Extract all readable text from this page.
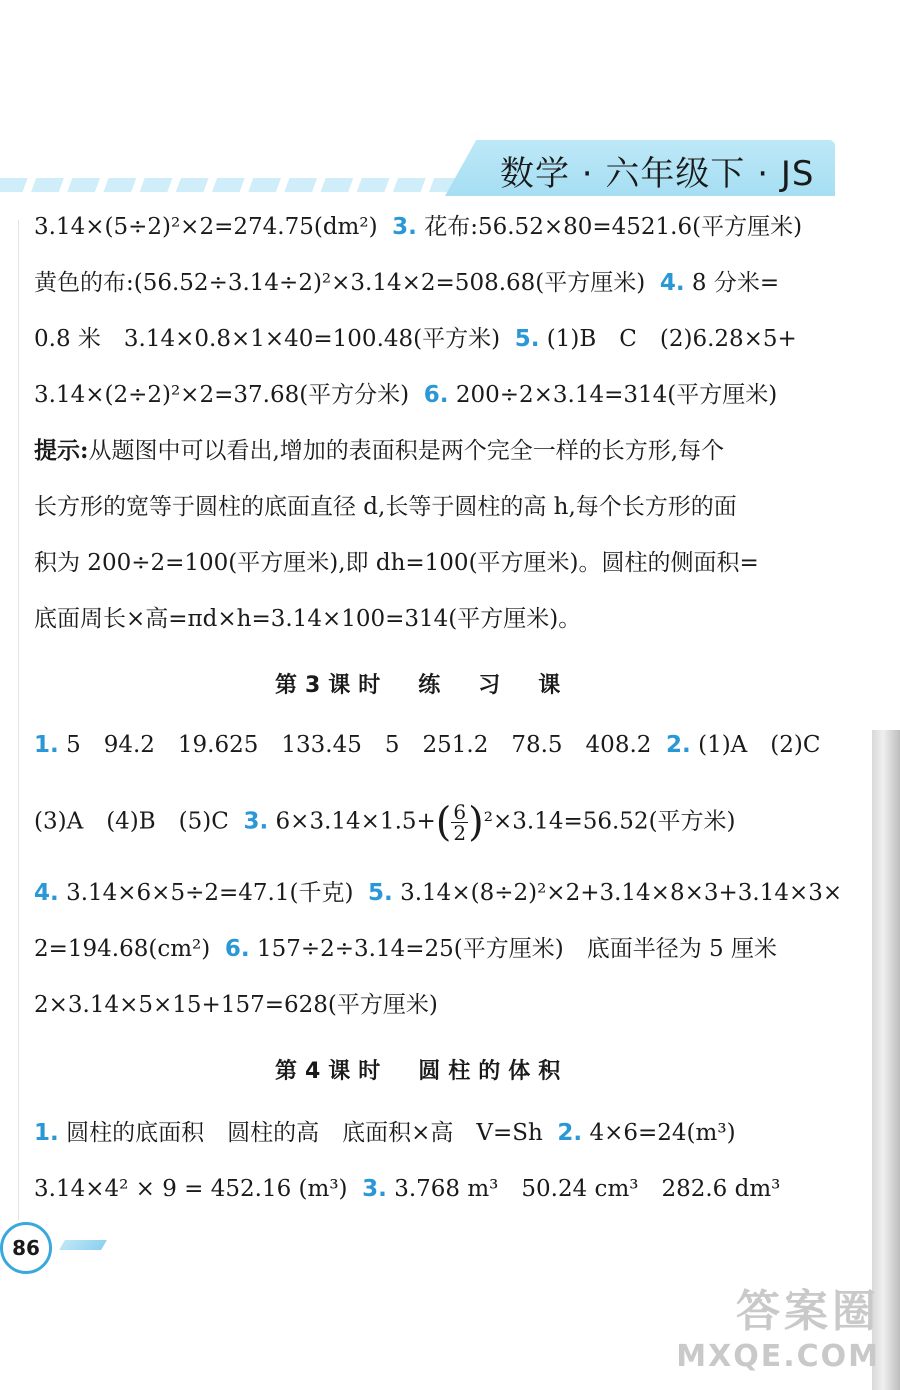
数学 · 六年级下 · JS
3.14×(5÷2)²×2=274.75(dm²) 3. 花布:56.52×80=4521.6(平方厘米)
黄色的布:(56.52÷3.14÷2)²×3.14×2=508.68(平方厘米) 4. 8 分米=
0.8 米　3.14×0.8×1×40=100.48(平方米) 5. (1)B　C　(2)6.28×5+
3.14×(2÷2)²×2=37.68(平方分米) 6. 200÷2×3.14=314(平方厘米)
提示:从题图中可以看出,增加的表面积是两个完全一样的长方形,每个
长方形的宽等于圆柱的底面直径 d,长等于圆柱的高 h,每个长方形的面
积为 200÷2=100(平方厘米),即 dh=100(平方厘米)。圆柱的侧面积=
底面周长×高=πd×h=3.14×100=314(平方厘米)。
第3课时　练　习　课
1. 5　94.2　19.625　133.45　5　251.2　78.5　408.2 2. (1)A　(2)C
(3)A　(4)B　(5)C 3. $6\times 3.14\times 1.5+( \frac{6}{2} )^2\times 3.14=56.52$(平方米)
4. 3.14×6×5÷2=47.1(千克) 5. 3.14×(8÷2)²×2+3.14×8×3+3.14×3×
2=194.68(cm²) 6. 157÷2÷3.14=25(平方厘米)　底面半径为 5 厘米
2×3.14×5×15+157=628(平方厘米)
第4课时　圆柱的体积
1. 圆柱的底面积　圆柱的高　底面积×高　V=Sh 2. 4×6=24(m³)
3.14×4² × 9 = 452.16 (m³) 3. 3.768 m³　50.24 cm³　282.6 dm³
86
答案圈
MXQE.COM
